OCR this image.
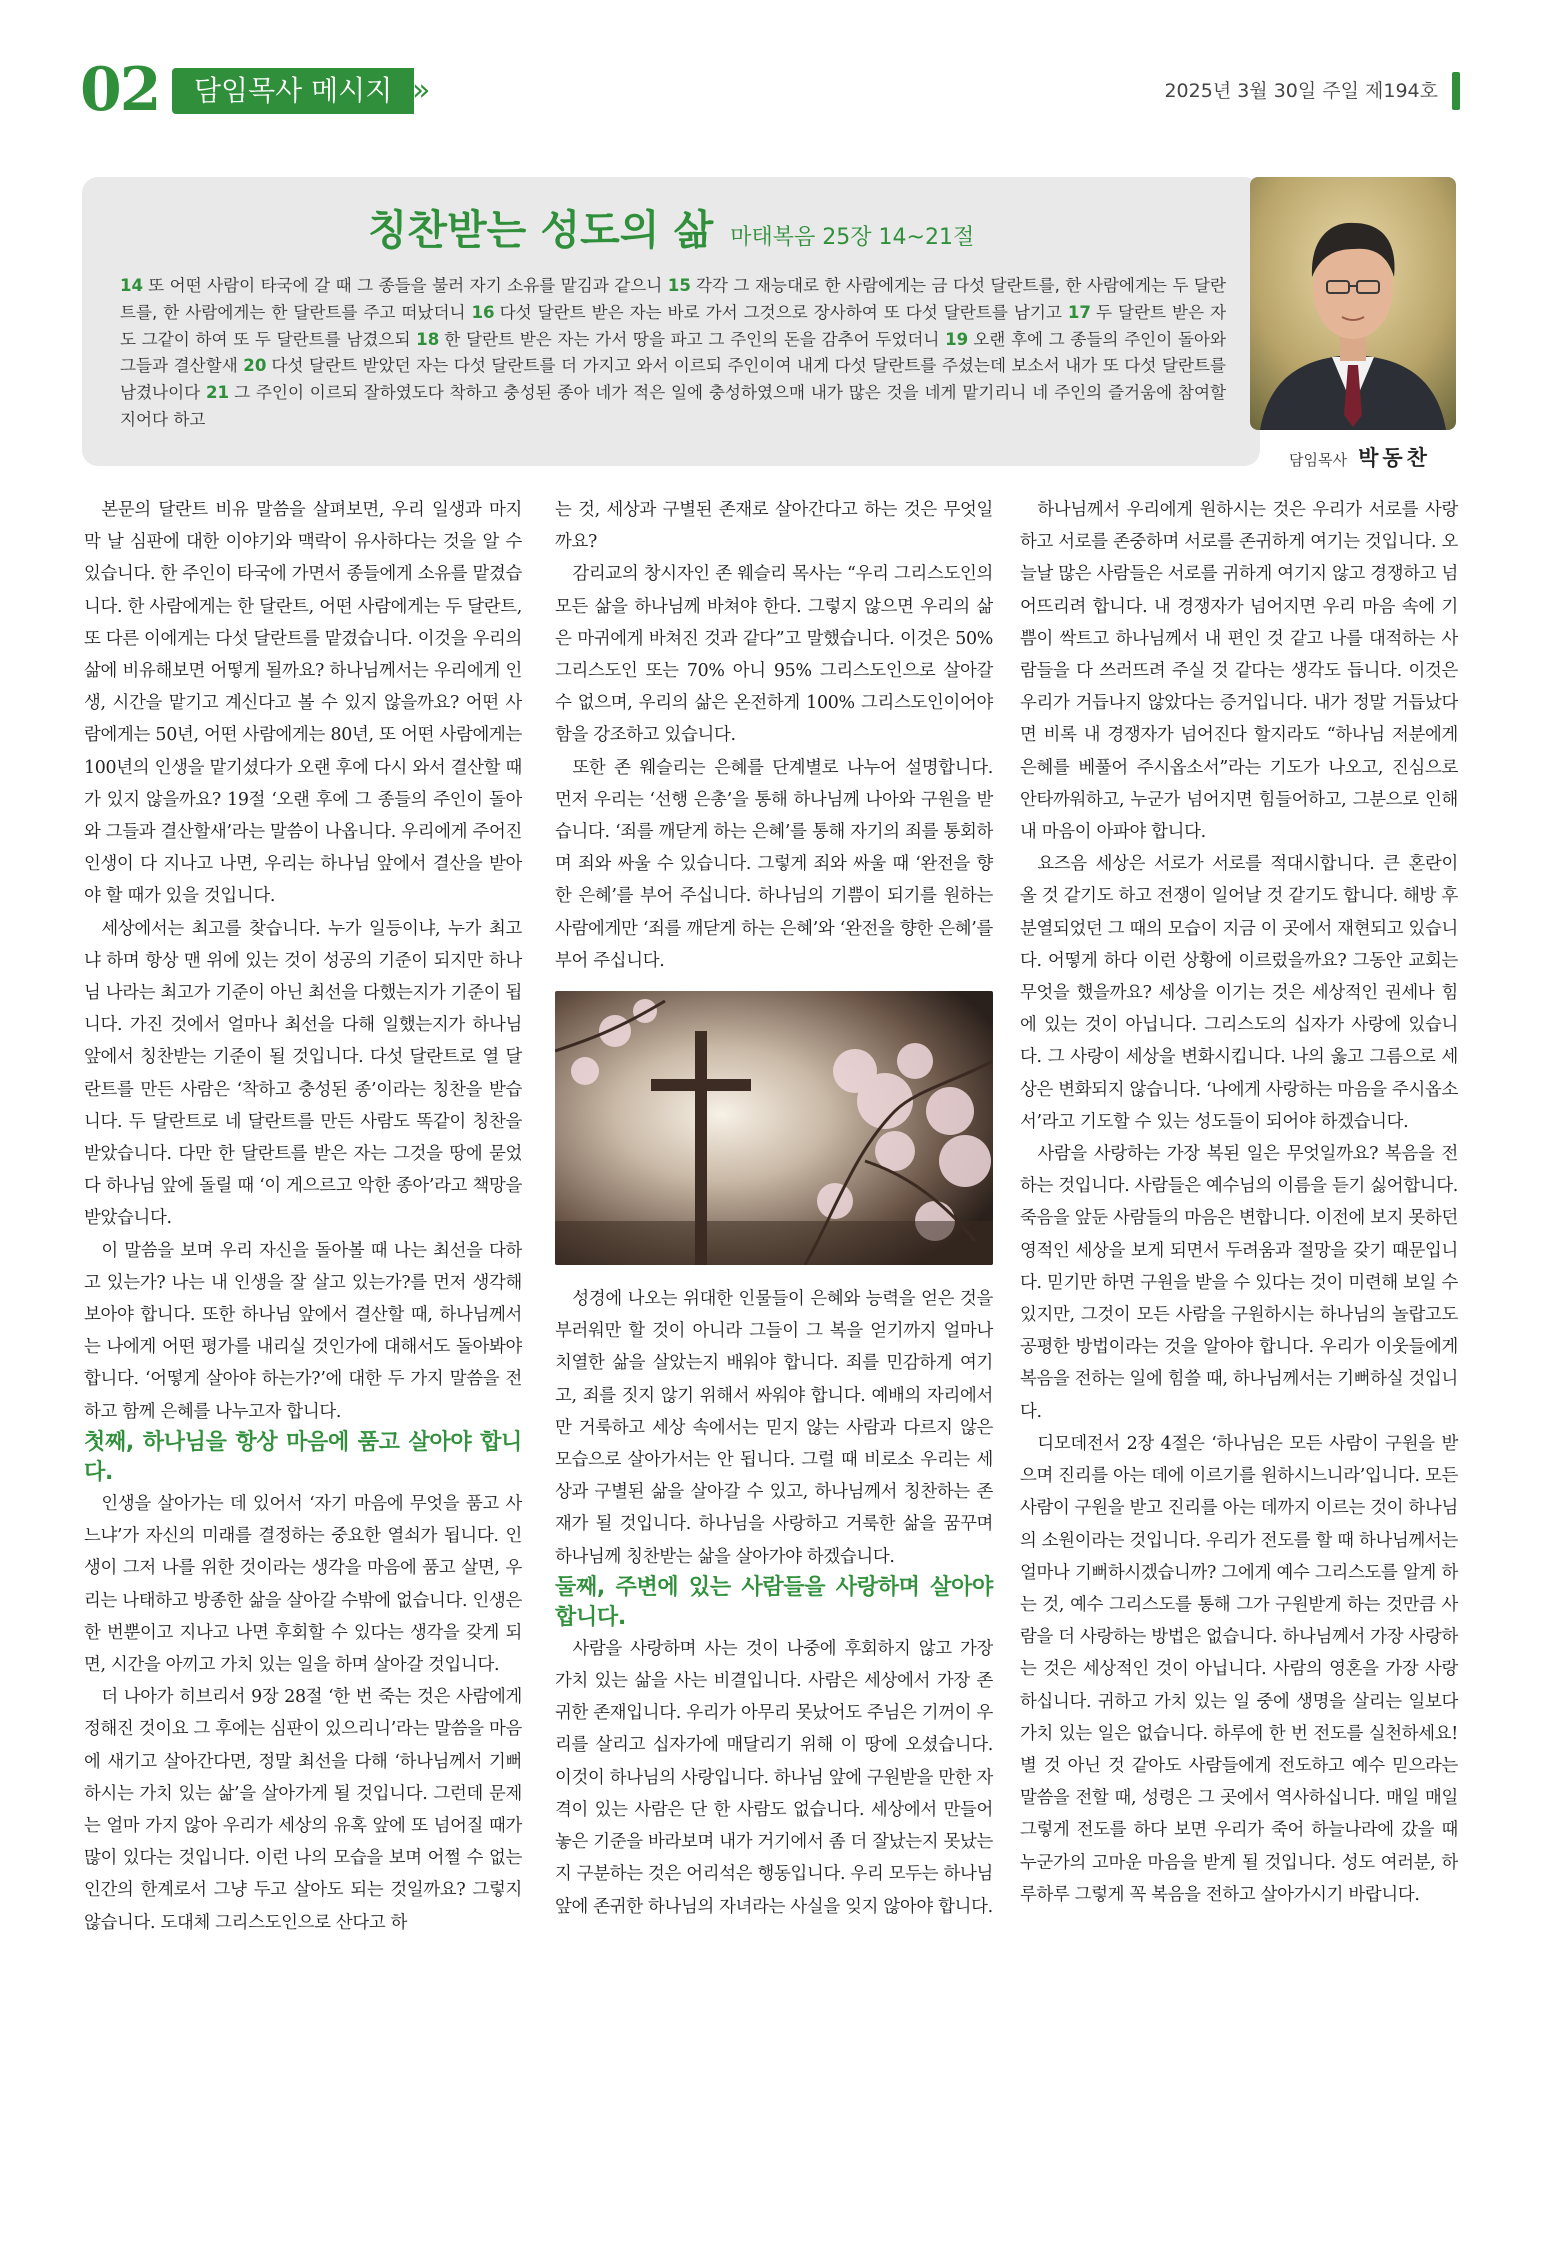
02	담임목사 메시지 »	2025년 3월 30일 주일 제194호
칭찬받는 성도의 삶 마태복음 25장 14~21절
14 또 어떤 사람이 타국에 갈 때 그 종들을 불러 자기 소유를 맡김과 같으니 15 각각 그 재능대로 한 사람에게는 금 다섯 달란트를, 한 사람에게는 두 달란트를, 한 사람에게는 한 달란트를 주고 떠났더니 16 다섯 달란트 받은 자는 바로 가서 그것으로 장사하여 또 다섯 달란트를 남기고 17 두 달란트 받은 자도 그같이 하여 또 두 달란트를 남겼으되 18 한 달란트 받은 자는 가서 땅을 파고 그 주인의 돈을 감추어 두었더니 19 오랜 후에 그 종들의 주인이 돌아와 그들과 결산할새 20 다섯 달란트 받았던 자는 다섯 달란트를 더 가지고 와서 이르되 주인이여 내게 다섯 달란트를 주셨는데 보소서 내가 또 다섯 달란트를 남겼나이다 21 그 주인이 이르되 잘하였도다 착하고 충성된 종아 네가 적은 일에 충성하였으매 내가 많은 것을 네게 맡기리니 네 주인의 즐거움에 참여할지어다 하고
담임목사 박동찬

본문의 달란트 비유 말씀을 살펴보면, 우리 일생과 마지막 날 심판에 대한 이야기와 맥락이 유사하다는 것을 알 수 있습니다. 한 주인이 타국에 가면서 종들에게 소유를 맡겼습니다. 한 사람에게는 한 달란트, 어떤 사람에게는 두 달란트, 또 다른 이에게는 다섯 달란트를 맡겼습니다. 이것을 우리의 삶에 비유해보면 어떻게 될까요? 하나님께서는 우리에게 인생, 시간을 맡기고 계신다고 볼 수 있지 않을까요? 어떤 사람에게는 50년, 어떤 사람에게는 80년, 또 어떤 사람에게는 100년의 인생을 맡기셨다가 오랜 후에 다시 와서 결산할 때가 있지 않을까요? 19절 ‘오랜 후에 그 종들의 주인이 돌아와 그들과 결산할새’라는 말씀이 나옵니다. 우리에게 주어진 인생이 다 지나고 나면, 우리는 하나님 앞에서 결산을 받아야 할 때가 있을 것입니다.

세상에서는 최고를 찾습니다. 누가 일등이냐, 누가 최고냐 하며 항상 맨 위에 있는 것이 성공의 기준이 되지만 하나님 나라는 최고가 기준이 아닌 최선을 다했는지가 기준이 됩니다. 가진 것에서 얼마나 최선을 다해 일했는지가 하나님 앞에서 칭찬받는 기준이 될 것입니다. 다섯 달란트로 열 달란트를 만든 사람은 ‘착하고 충성된 종’이라는 칭찬을 받습니다. 두 달란트로 네 달란트를 만든 사람도 똑같이 칭찬을 받았습니다. 다만 한 달란트를 받은 자는 그것을 땅에 묻었다 하나님 앞에 돌릴 때 ‘이 게으르고 악한 종아’라고 책망을 받았습니다.

이 말씀을 보며 우리 자신을 돌아볼 때 나는 최선을 다하고 있는가? 나는 내 인생을 잘 살고 있는가?를 먼저 생각해 보아야 합니다. 또한 하나님 앞에서 결산할 때, 하나님께서는 나에게 어떤 평가를 내리실 것인가에 대해서도 돌아봐야 합니다. ‘어떻게 살아야 하는가?’에 대한 두 가지 말씀을 전하고 함께 은혜를 나누고자 합니다.

첫째, 하나님을 항상 마음에 품고 살아야 합니다.

인생을 살아가는 데 있어서 ‘자기 마음에 무엇을 품고 사느냐’가 자신의 미래를 결정하는 중요한 열쇠가 됩니다. 인생이 그저 나를 위한 것이라는 생각을 마음에 품고 살면, 우리는 나태하고 방종한 삶을 살아갈 수밖에 없습니다. 인생은 한 번뿐이고 지나고 나면 후회할 수 있다는 생각을 갖게 되면, 시간을 아끼고 가치 있는 일을 하며 살아갈 것입니다.

더 나아가 히브리서 9장 28절 ‘한 번 죽는 것은 사람에게 정해진 것이요 그 후에는 심판이 있으리니’라는 말씀을 마음에 새기고 살아간다면, 정말 최선을 다해 ‘하나님께서 기뻐하시는 가치 있는 삶’을 살아가게 될 것입니다. 그런데 문제는 얼마 가지 않아 우리가 세상의 유혹 앞에 또 넘어질 때가 많이 있다는 것입니다. 이런 나의 모습을 보며 어쩔 수 없는 인간의 한계로서 그냥 두고 살아도 되는 것일까요? 그렇지 않습니다. 도대체 그리스도인으로 산다고 하

는 것, 세상과 구별된 존재로 살아간다고 하는 것은 무엇일까요?

감리교의 창시자인 존 웨슬리 목사는 “우리 그리스도인의 모든 삶을 하나님께 바쳐야 한다. 그렇지 않으면 우리의 삶은 마귀에게 바쳐진 것과 같다”고 말했습니다. 이것은 50% 그리스도인 또는 70% 아니 95% 그리스도인으로 살아갈 수 없으며, 우리의 삶은 온전하게 100% 그리스도인이어야 함을 강조하고 있습니다.

또한 존 웨슬리는 은혜를 단계별로 나누어 설명합니다. 먼저 우리는 ‘선행 은총’을 통해 하나님께 나아와 구원을 받습니다. ‘죄를 깨닫게 하는 은혜’를 통해 자기의 죄를 통회하며 죄와 싸울 수 있습니다. 그렇게 죄와 싸울 때 ‘완전을 향한 은혜’를 부어 주십니다. 하나님의 기쁨이 되기를 원하는 사람에게만 ‘죄를 깨닫게 하는 은혜’와 ‘완전을 향한 은혜’를 부어 주십니다.

성경에 나오는 위대한 인물들이 은혜와 능력을 얻은 것을 부러워만 할 것이 아니라 그들이 그 복을 얻기까지 얼마나 치열한 삶을 살았는지 배워야 합니다. 죄를 민감하게 여기고, 죄를 짓지 않기 위해서 싸워야 합니다. 예배의 자리에서만 거룩하고 세상 속에서는 믿지 않는 사람과 다르지 않은 모습으로 살아가서는 안 됩니다. 그럴 때 비로소 우리는 세상과 구별된 삶을 살아갈 수 있고, 하나님께서 칭찬하는 존재가 될 것입니다. 하나님을 사랑하고 거룩한 삶을 꿈꾸며 하나님께 칭찬받는 삶을 살아가야 하겠습니다.

둘째, 주변에 있는 사람들을 사랑하며 살아야 합니다.

사람을 사랑하며 사는 것이 나중에 후회하지 않고 가장 가치 있는 삶을 사는 비결입니다. 사람은 세상에서 가장 존귀한 존재입니다. 우리가 아무리 못났어도 주님은 기꺼이 우리를 살리고 십자가에 매달리기 위해 이 땅에 오셨습니다. 이것이 하나님의 사랑입니다. 하나님 앞에 구원받을 만한 자격이 있는 사람은 단 한 사람도 없습니다. 세상에서 만들어 놓은 기준을 바라보며 내가 거기에서 좀 더 잘났는지 못났는지 구분하는 것은 어리석은 행동입니다. 우리 모두는 하나님 앞에 존귀한 하나님의 자녀라는 사실을 잊지 않아야 합니다.

하나님께서 우리에게 원하시는 것은 우리가 서로를 사랑하고 서로를 존중하며 서로를 존귀하게 여기는 것입니다. 오늘날 많은 사람들은 서로를 귀하게 여기지 않고 경쟁하고 넘어뜨리려 합니다. 내 경쟁자가 넘어지면 우리 마음 속에 기쁨이 싹트고 하나님께서 내 편인 것 같고 나를 대적하는 사람들을 다 쓰러뜨려 주실 것 같다는 생각도 듭니다. 이것은 우리가 거듭나지 않았다는 증거입니다. 내가 정말 거듭났다면 비록 내 경쟁자가 넘어진다 할지라도 “하나님 저분에게 은혜를 베풀어 주시옵소서”라는 기도가 나오고, 진심으로 안타까워하고, 누군가 넘어지면 힘들어하고, 그분으로 인해 내 마음이 아파야 합니다.

요즈음 세상은 서로가 서로를 적대시합니다. 큰 혼란이 올 것 같기도 하고 전쟁이 일어날 것 같기도 합니다. 해방 후 분열되었던 그 때의 모습이 지금 이 곳에서 재현되고 있습니다. 어떻게 하다 이런 상황에 이르렀을까요? 그동안 교회는 무엇을 했을까요? 세상을 이기는 것은 세상적인 권세나 힘에 있는 것이 아닙니다. 그리스도의 십자가 사랑에 있습니다. 그 사랑이 세상을 변화시킵니다. 나의 옳고 그름으로 세상은 변화되지 않습니다. ‘나에게 사랑하는 마음을 주시옵소서’라고 기도할 수 있는 성도들이 되어야 하겠습니다.

사람을 사랑하는 가장 복된 일은 무엇일까요? 복음을 전하는 것입니다. 사람들은 예수님의 이름을 듣기 싫어합니다. 죽음을 앞둔 사람들의 마음은 변합니다. 이전에 보지 못하던 영적인 세상을 보게 되면서 두려움과 절망을 갖기 때문입니다. 믿기만 하면 구원을 받을 수 있다는 것이 미련해 보일 수 있지만, 그것이 모든 사람을 구원하시는 하나님의 놀랍고도 공평한 방법이라는 것을 알아야 합니다. 우리가 이웃들에게 복음을 전하는 일에 힘쓸 때, 하나님께서는 기뻐하실 것입니다.

디모데전서 2장 4절은 ‘하나님은 모든 사람이 구원을 받으며 진리를 아는 데에 이르기를 원하시느니라’입니다. 모든 사람이 구원을 받고 진리를 아는 데까지 이르는 것이 하나님의 소원이라는 것입니다. 우리가 전도를 할 때 하나님께서는 얼마나 기뻐하시겠습니까? 그에게 예수 그리스도를 알게 하는 것, 예수 그리스도를 통해 그가 구원받게 하는 것만큼 사람을 더 사랑하는 방법은 없습니다. 하나님께서 가장 사랑하는 것은 세상적인 것이 아닙니다. 사람의 영혼을 가장 사랑하십니다. 귀하고 가치 있는 일 중에 생명을 살리는 일보다 가치 있는 일은 없습니다. 하루에 한 번 전도를 실천하세요! 별 것 아닌 것 같아도 사람들에게 전도하고 예수 믿으라는 말씀을 전할 때, 성령은 그 곳에서 역사하십니다. 매일 매일 그렇게 전도를 하다 보면 우리가 죽어 하늘나라에 갔을 때 누군가의 고마운 마음을 받게 될 것입니다. 성도 여러분, 하루하루 그렇게 꼭 복음을 전하고 살아가시기 바랍니다.
